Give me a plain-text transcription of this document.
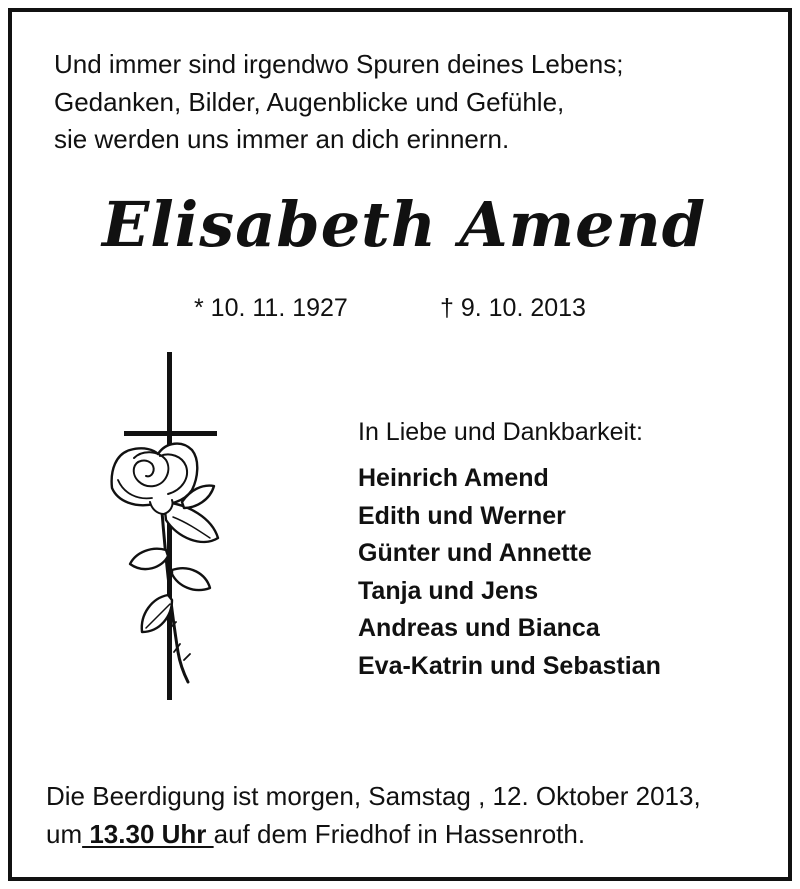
Und immer sind irgendwo Spuren deines Lebens;
Gedanken, Bilder, Augenblicke und Gefühle,
sie werden uns immer an dich erinnern.
Elisabeth Amend
* 10. 11. 1927	† 9. 10. 2013
In Liebe und Dankbarkeit:
Heinrich Amend
Edith und Werner
Günter und Annette
Tanja und Jens
Andreas und Bianca
Eva-Katrin und Sebastian
Die Beerdigung ist morgen, Samstag , 12. Oktober 2013,
um 13.30 Uhr auf dem Friedhof in Hassenroth.
